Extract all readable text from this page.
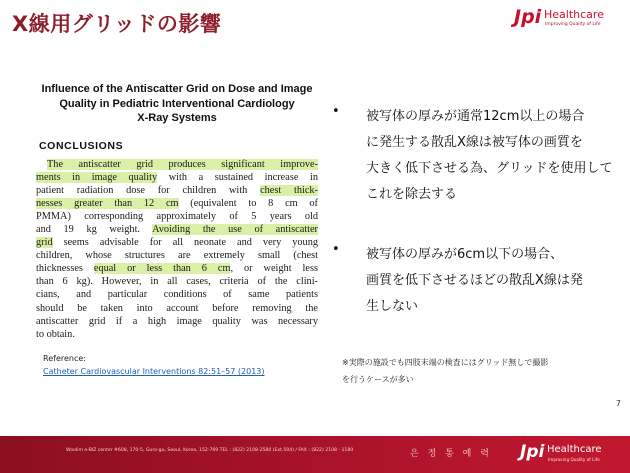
X線用グリッドの影響	Jpi Healthcare
Improving Quality of Life
Influence of the Antiscatter Grid on Dose and Image
Quality in Pediatric Interventional Cardiology
X-Ray Systems
CONCLUSIONS
The antiscatter grid produces significant improve-
ments in image quality with a sustained increase in
patient radiation dose for children with chest thick-
nesses greater than 12 cm (equivalent to 8 cm of
PMMA) corresponding approximately of 5 years old
and 19 kg weight. Avoiding the use of antiscatter
grid seems advisable for all neonate and very young
children, whose structures are extremely small (chest
thicknesses equal or less than 6 cm, or weight less
than 6 kg). However, in all cases, criteria of the clini-
cians, and particular conditions of same patients
should be taken into account before removing the
antiscatter grid if a high image quality was necessary
to obtain.
Reference:
Catheter Cardiovascular Interventions 82:51–57 (2013)
• 被写体の厚みが通常12cm以上の場合
に発生する散乱X線は被写体の画質を
大きく低下させる為、グリッドを使用して
これを除去する
• 被写体の厚みが6cm以下の場合、
画質を低下させるほどの散乱X線は発
生しない
※実際の施設でも四肢末端の検査にはグリッド無しで撮影
を行うケースが多い
7
Woolim e-BIZ center #608, 170-5, Guro-gu, Seoul, Korea, 152-769 TEL : (822) 2108-2580 (Ext.504) / FAX : (822) 2108 - 1180	은 정 통 예 력 Jpi Healthcare
Improving Quality of Life
